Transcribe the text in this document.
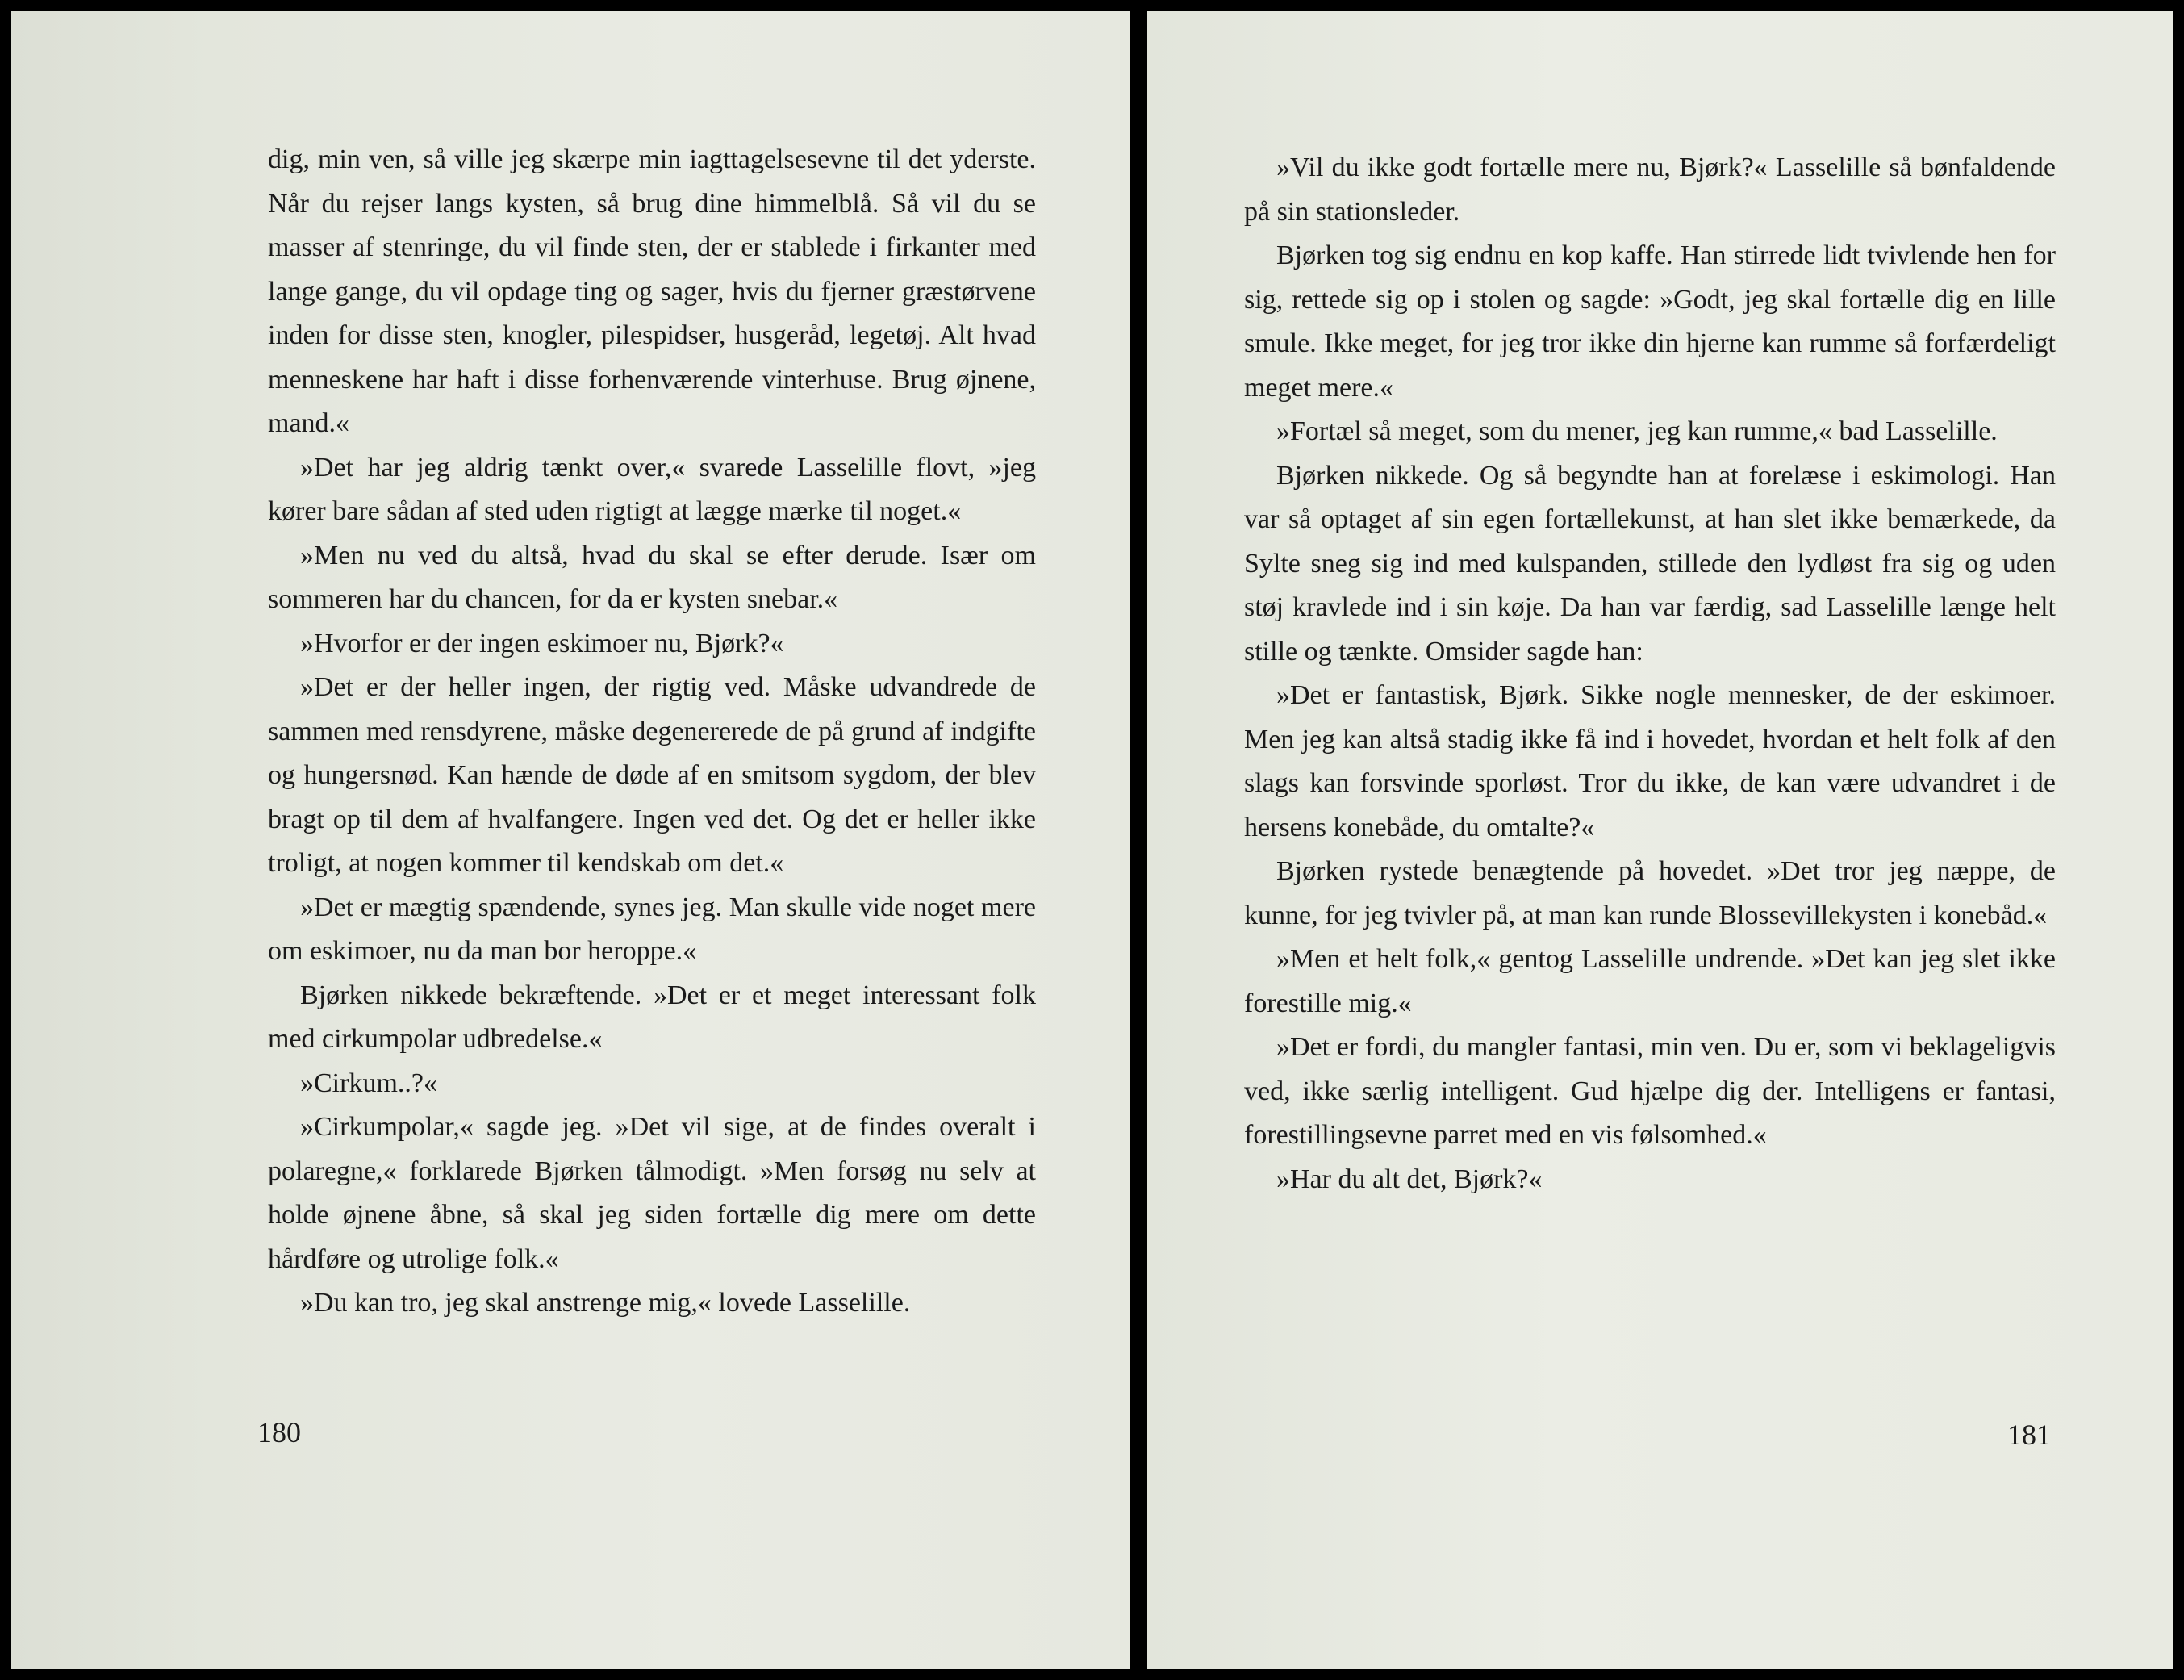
dig, min ven, så ville jeg skærpe min iagttagelsesevne til det yderste. Når du rejser langs kysten, så brug dine himmelblå. Så vil du se masser af stenringe, du vil finde sten, der er stablede i firkanter med lange gange, du vil opdage ting og sager, hvis du fjerner græstørvene inden for disse sten, knogler, pilespidser, husgeråd, legetøj. Alt hvad menneskene har haft i disse forhenværende vinterhuse. Brug øjnene, mand.«

»Det har jeg aldrig tænkt over,« svarede Lasselille flovt, »jeg kører bare sådan af sted uden rigtigt at lægge mærke til noget.«

»Men nu ved du altså, hvad du skal se efter derude. Især om sommeren har du chancen, for da er kysten snebar.«

»Hvorfor er der ingen eskimoer nu, Bjørk?«

»Det er der heller ingen, der rigtig ved. Måske udvandrede de sammen med rensdyrene, måske degenererede de på grund af indgifte og hungersnød. Kan hænde de døde af en smitsom sygdom, der blev bragt op til dem af hvalfangere. Ingen ved det. Og det er heller ikke troligt, at nogen kommer til kendskab om det.«

»Det er mægtig spændende, synes jeg. Man skulle vide noget mere om eskimoer, nu da man bor heroppe.«

Bjørken nikkede bekræftende. »Det er et meget interessant folk med cirkumpolar udbredelse.«

»Cirkum..?«

»Cirkumpolar,« sagde jeg. »Det vil sige, at de findes overalt i polaregne,« forklarede Bjørken tålmodigt. »Men forsøg nu selv at holde øjnene åbne, så skal jeg siden fortælle dig mere om dette hårdføre og utrolige folk.«

»Du kan tro, jeg skal anstrenge mig,« lovede Lasselille.

180

»Vil du ikke godt fortælle mere nu, Bjørk?« Lasselille så bønfaldende på sin stationsleder.

Bjørken tog sig endnu en kop kaffe. Han stirrede lidt tvivlende hen for sig, rettede sig op i stolen og sagde: »Godt, jeg skal fortælle dig en lille smule. Ikke meget, for jeg tror ikke din hjerne kan rumme så forfærdeligt meget mere.«

»Fortæl så meget, som du mener, jeg kan rumme,« bad Lasselille.

Bjørken nikkede. Og så begyndte han at forelæse i eskimologi. Han var så optaget af sin egen fortællekunst, at han slet ikke bemærkede, da Sylte sneg sig ind med kulspanden, stillede den lydløst fra sig og uden støj kravlede ind i sin køje. Da han var færdig, sad Lasselille længe helt stille og tænkte. Omsider sagde han:

»Det er fantastisk, Bjørk. Sikke nogle mennesker, de der eskimoer. Men jeg kan altså stadig ikke få ind i hovedet, hvordan et helt folk af den slags kan forsvinde sporløst. Tror du ikke, de kan være udvandret i de hersens konebåde, du omtalte?«

Bjørken rystede benægtende på hovedet. »Det tror jeg næppe, de kunne, for jeg tvivler på, at man kan runde Blossevillekysten i konebåd.«

»Men et helt folk,« gentog Lasselille undrende. »Det kan jeg slet ikke forestille mig.«

»Det er fordi, du mangler fantasi, min ven. Du er, som vi beklageligvis ved, ikke særlig intelligent. Gud hjælpe dig der. Intelligens er fantasi, forestillingsevne parret med en vis følsomhed.«

»Har du alt det, Bjørk?«

181
